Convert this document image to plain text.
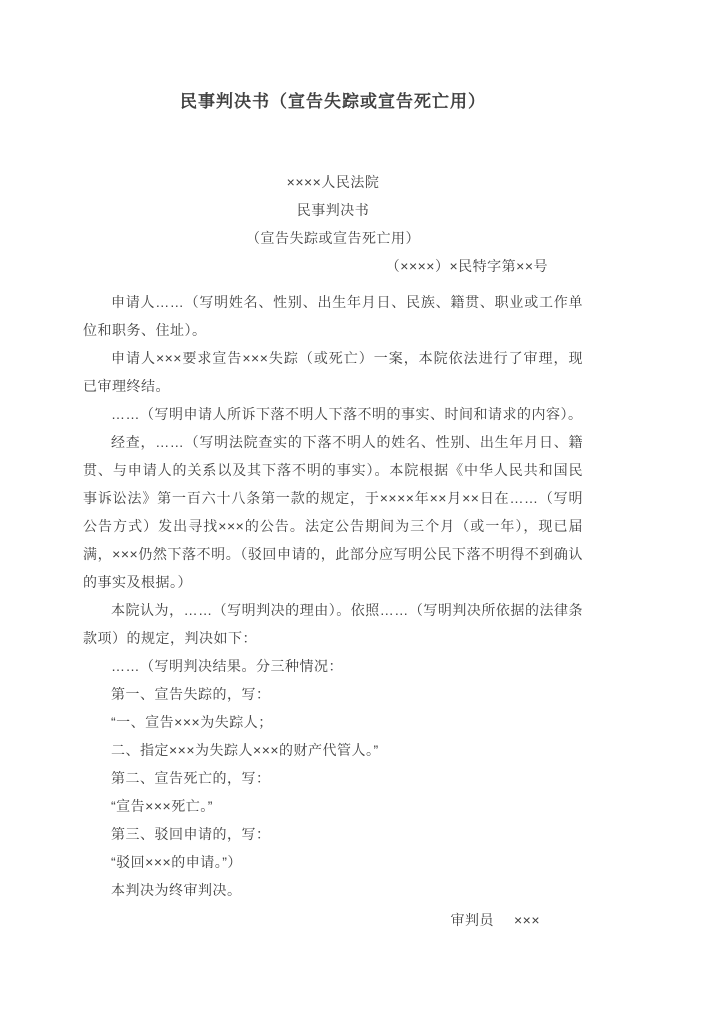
民事判决书（宣告失踪或宣告死亡用）
××××人民法院
民事判决书
（宣告失踪或宣告死亡用）
（××××）×民特字第××号

申请人……（写明姓名、性别、出生年月日、民族、籍贯、职业或工作单位和职务、住址）。

申请人×××要求宣告×××失踪（或死亡）一案，本院依法进行了审理，现已审理终结。

……（写明申请人所诉下落不明人下落不明的事实、时间和请求的内容）。

经查，……（写明法院查实的下落不明人的姓名、性别、出生年月日、籍贯、与申请人的关系以及其下落不明的事实）。本院根据《中华人民共和国民事诉讼法》第一百六十八条第一款的规定，于××××年××月××日在……（写明公告方式）发出寻找×××的公告。法定公告期间为三个月（或一年），现已届满，×××仍然下落不明。（驳回申请的，此部分应写明公民下落不明得不到确认的事实及根据。）

本院认为，……（写明判决的理由）。依照……（写明判决所依据的法律条款项）的规定，判决如下：

……（写明判决结果。分三种情况：

第一、宣告失踪的，写：

“一、宣告×××为失踪人；

二、指定×××为失踪人×××的财产代管人。”

第二、宣告死亡的，写：

“宣告×××死亡。”

第三、驳回申请的，写：

“驳回×××的申请。”）

本判决为终审判决。

审判员 ×××
